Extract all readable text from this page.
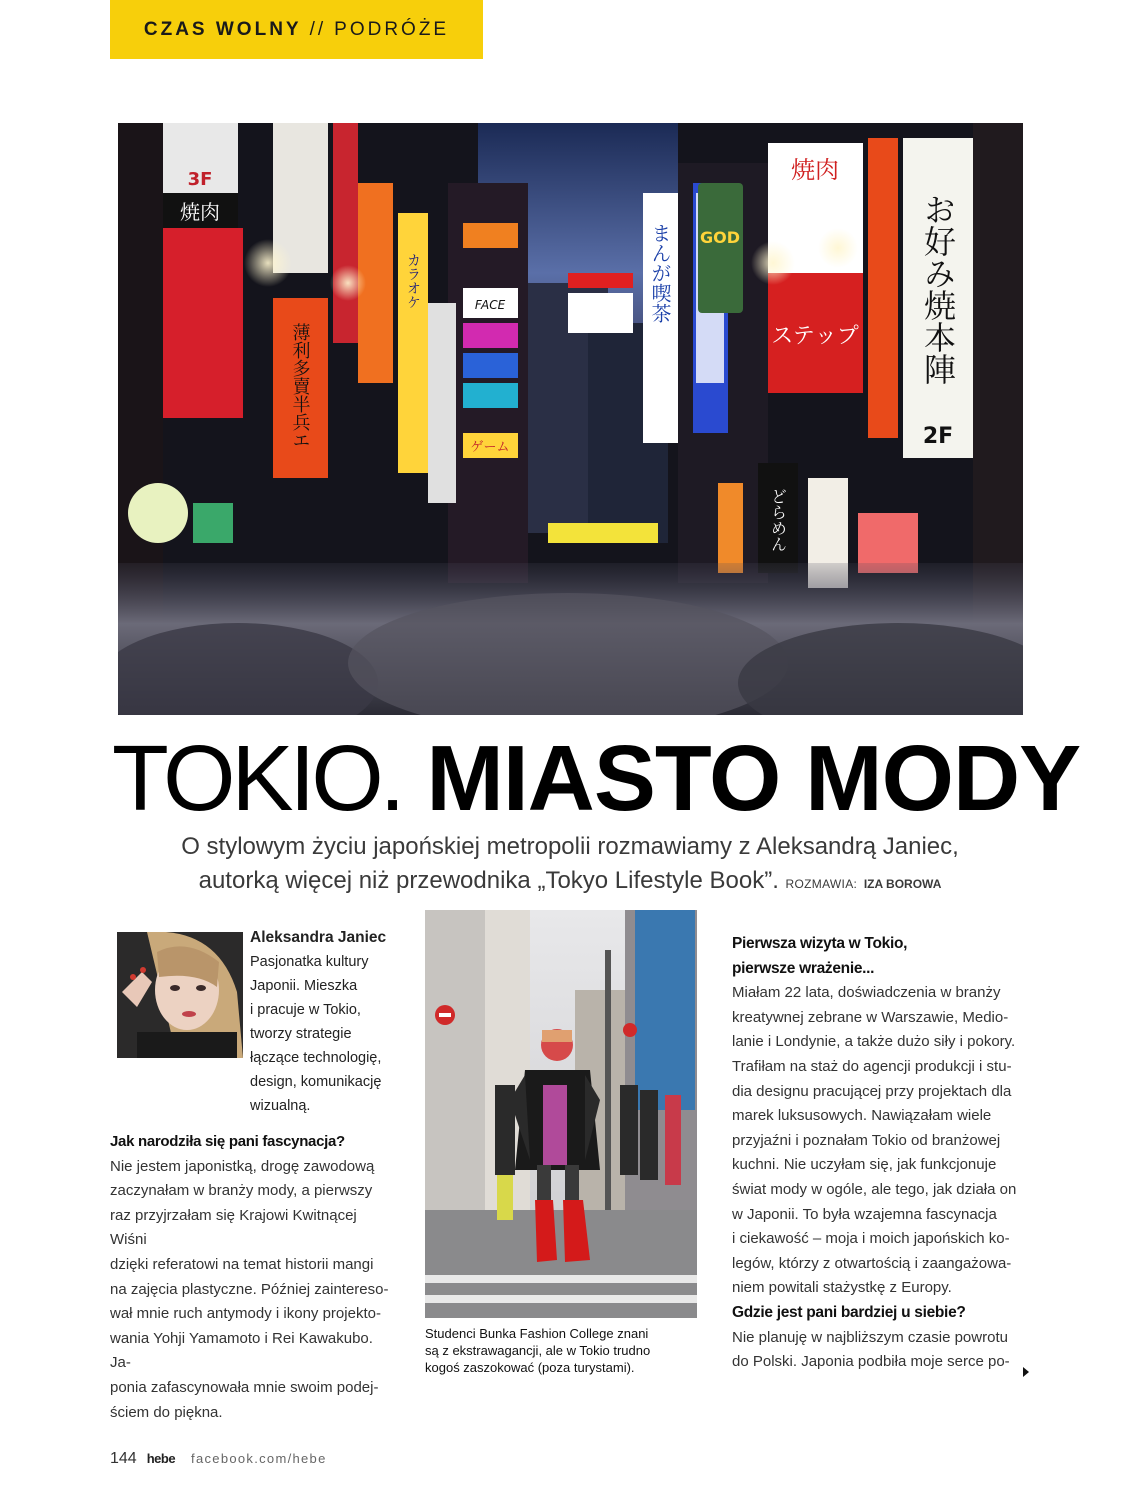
CZAS WOLNY // PODRÓŻE
3F
焼肉
薄利多賣半兵エ
カラオケ	FACE
ゲーム
まんが喫茶
焼肉
ステップ
GOD	お好み焼本陣
2F
どらめん
TOKIO. MIASTO MODY
O stylowym życiu japońskiej metropolii rozmawiamy z Aleksandrą Janiec,
autorką więcej niż przewodnika „Tokyo Lifestyle Book”. ROZMAWIA: IZA BOROWA
Aleksandra Janiec
Pasjonatka kultury
Japonii. Mieszka
i pracuje w Tokio,
tworzy strategie
łączące technologię,
design, komunikację
wizualną.
Jak narodziła się pani fascynacja?
Nie jestem japonistką, drogę zawodową
zaczynałam w branży mody, a pierwszy
raz przyjrzałam się Krajowi Kwitnącej Wiśni
dzięki referatowi na temat historii mangi
na zajęcia plastyczne. Później zaintereso-
wał mnie ruch antymody i ikony projekto-
wania Yohji Yamamoto i Rei Kawakubo. Ja-
ponia zafascynowała mnie swoim podej-
ściem do piękna.
Studenci Bunka Fashion College znani
są z ekstrawagancji, ale w Tokio trudno
kogoś zaszokować (poza turystami).
Pierwsza wizyta w Tokio,
pierwsze wrażenie...
Miałam 22 lata, doświadczenia w branży
kreatywnej zebrane w Warszawie, Medio-
lanie i Londynie, a także dużo siły i pokory.
Trafiłam na staż do agencji produkcji i stu-
dia designu pracującej przy projektach dla
marek luksusowych. Nawiązałam wiele
przyjaźni i poznałam Tokio od branżowej
kuchni. Nie uczyłam się, jak funkcjonuje
świat mody w ogóle, ale tego, jak działa on
w Japonii. To była wzajemna fascynacja
i ciekawość – moja i moich japońskich ko-
legów, którzy z otwartością i zaangażowa-
niem powitali stażystkę z Europy.
Gdzie jest pani bardziej u siebie?
Nie planuję w najbliższym czasie powrotu
do Polski. Japonia podbiła moje serce po-
144 hebe facebook.com/hebe
